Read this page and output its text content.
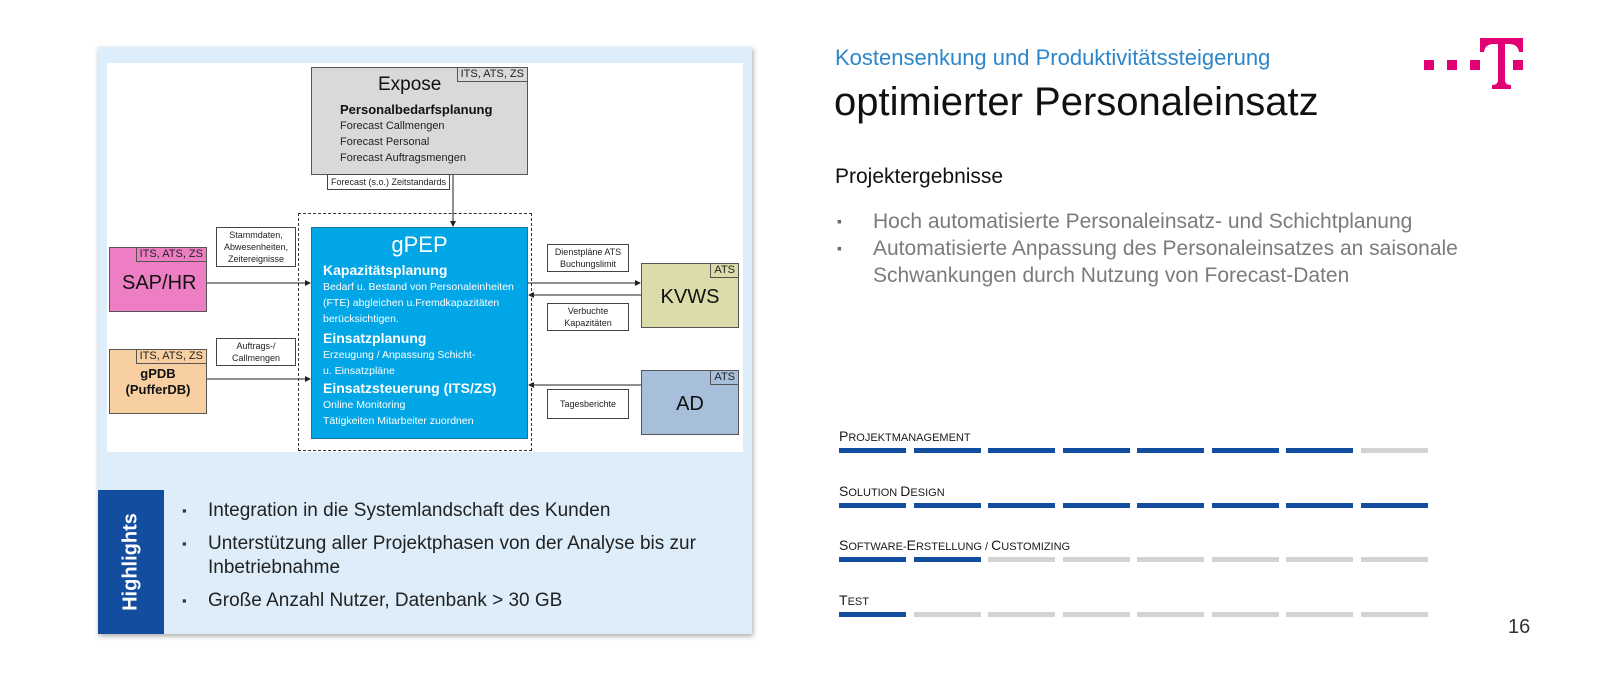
Expose	ITS, ATS, ZS
Personalbedarfsplanung
Forecast Callmengen
Forecast Personal
Forecast Auftragsmengen
Forecast (s.o.) Zeitstandards
gPEP
Kapazitätsplanung
Bedarf u. Bestand von Personaleinheiten
(FTE) abgleichen u.Fremdkapazitäten
berücksichtigen.
Einsatzplanung
Erzeugung / Anpassung Schicht-
u. Einsatzpläne
Einsatzsteuerung (ITS/ZS)
Online Monitoring
Tätigkeiten Mitarbeiter zuordnen
ITS, ATS, ZS
SAP/HR
ITS, ATS, ZS
gPDB
(PufferDB)
ATS
KVWS
ATS
AD
Stammdaten,
Abwesenheiten,
Zeitereignisse
Auftrags-/
Callmengen
Dienstpläne ATS
Buchungslimit
Verbuchte
Kapazitäten
Tagesberichte
Highlights
▪ Integration in die Systemlandschaft des Kunden
▪ Unterstützung aller Projektphasen von der Analyse bis zur Inbetriebnahme
▪ Große Anzahl Nutzer, Datenbank > 30 GB
Kostensenkung und Produktivitätssteigerung
optimierter Personaleinsatz
Projektergebnisse
▪ Hoch automatisierte Personaleinsatz- und Schichtplanung
▪ Automatisierte Anpassung des Personaleinsatzes an saisonale Schwankungen durch Nutzung von Forecast-Daten
PROJEKTMANAGEMENT
SOLUTION DESIGN
SOFTWARE-ERSTELLUNG / CUSTOMIZING
TEST
16
